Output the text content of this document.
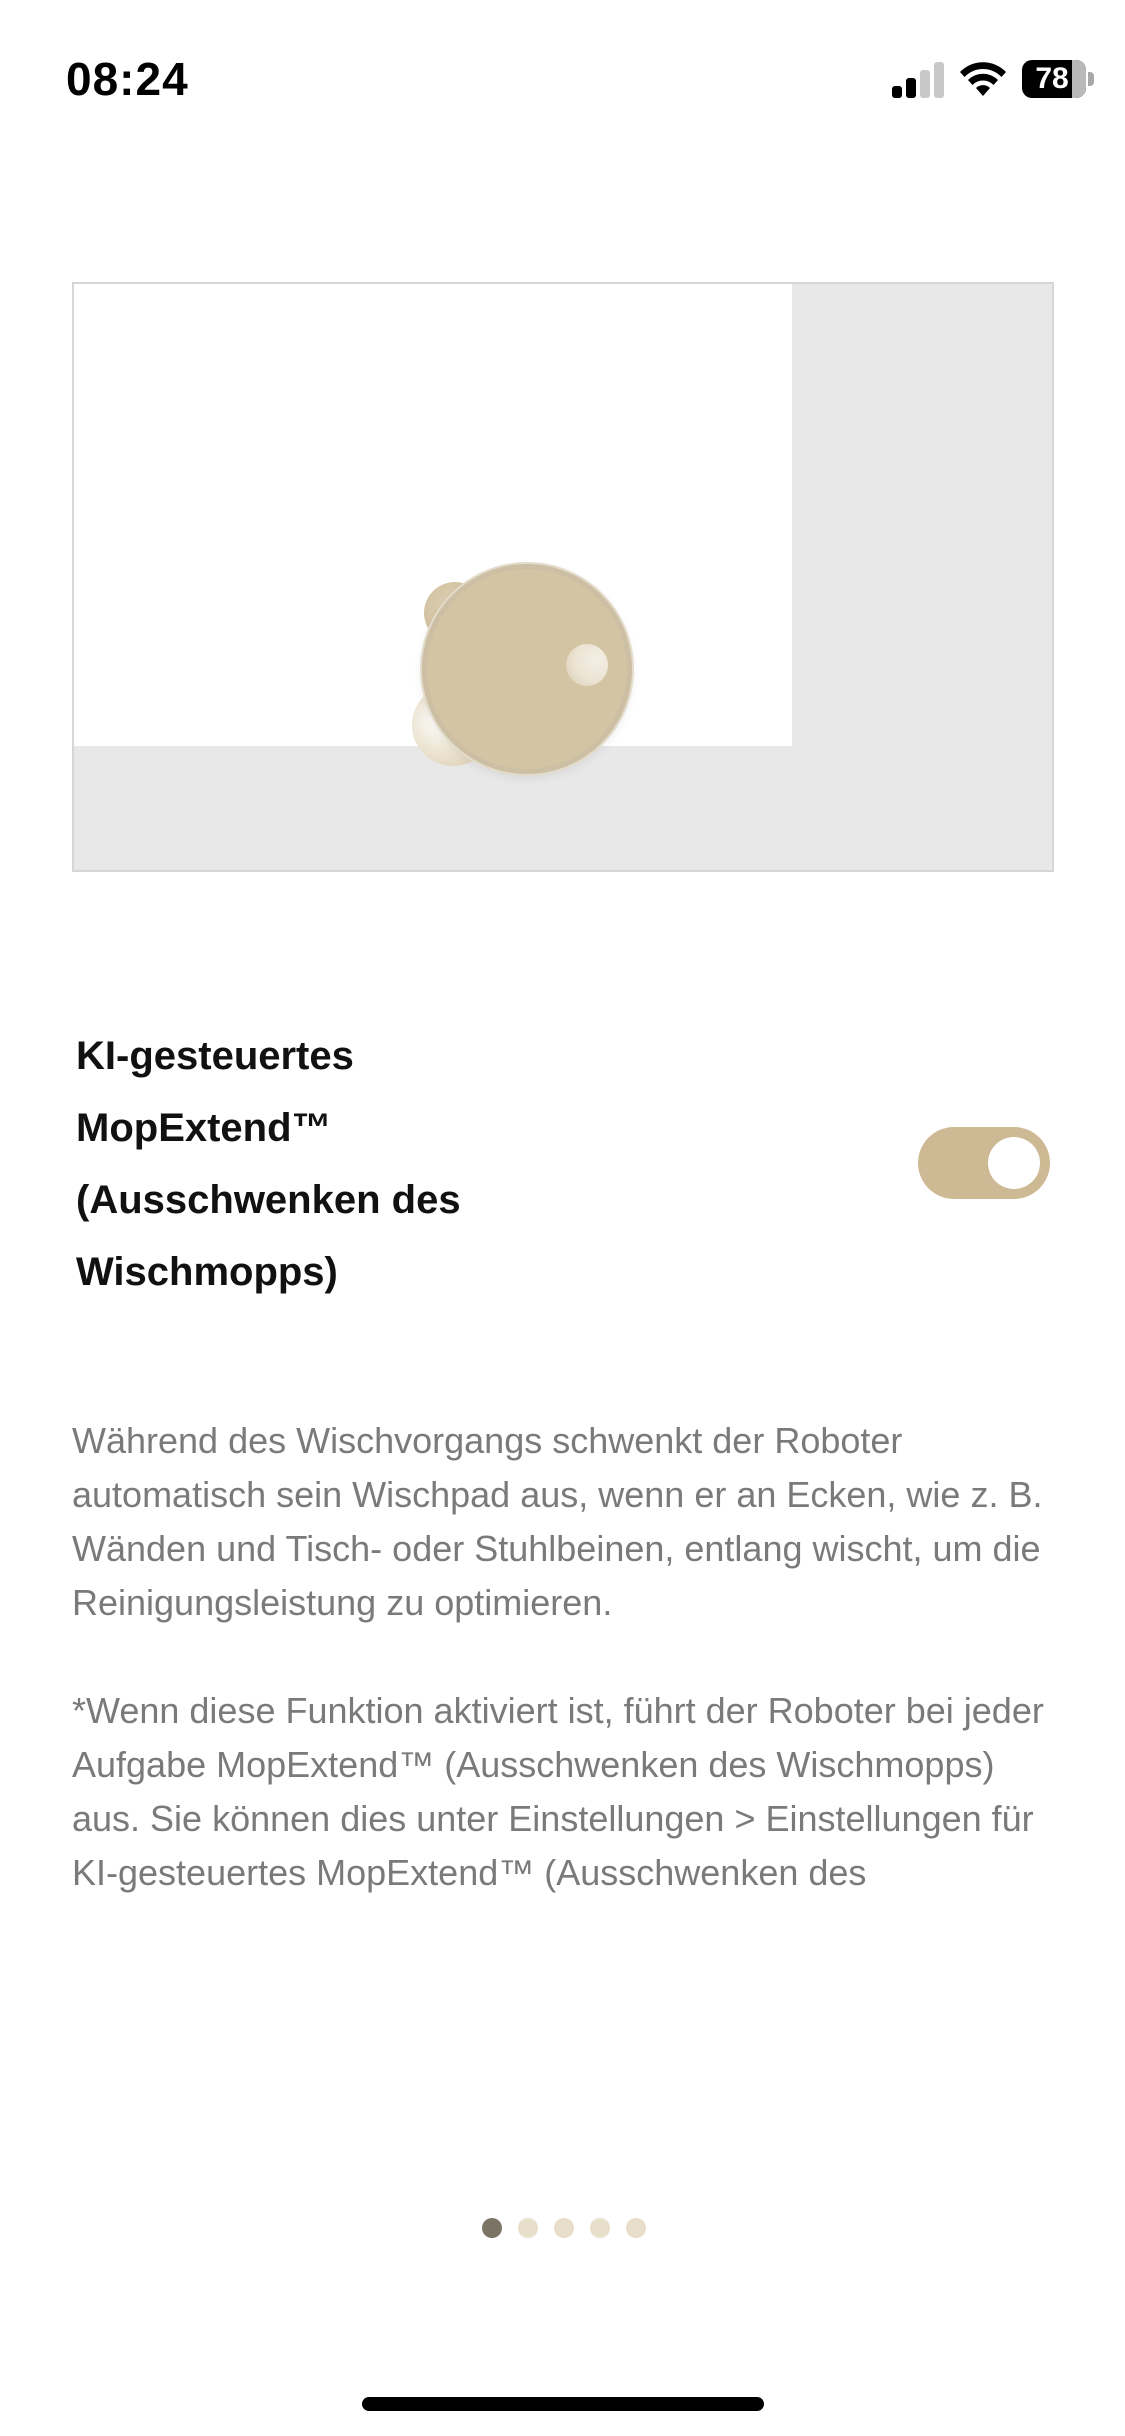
08:24	78
KI-gesteuertes MopExtend™ (Ausschwenken des Wischmopps)

Während des Wischvorgangs schwenkt der Roboter automatisch sein Wischpad aus, wenn er an Ecken, wie z. B. Wänden und Tisch- oder Stuhlbeinen, entlang wischt, um die Reinigungsleistung zu optimieren.

*Wenn diese Funktion aktiviert ist, führt der Roboter bei jeder Aufgabe MopExtend™ (Ausschwenken des Wischmopps) aus. Sie können dies unter Einstellungen > Einstellungen für KI-gesteuertes MopExtend™ (Ausschwenken des
